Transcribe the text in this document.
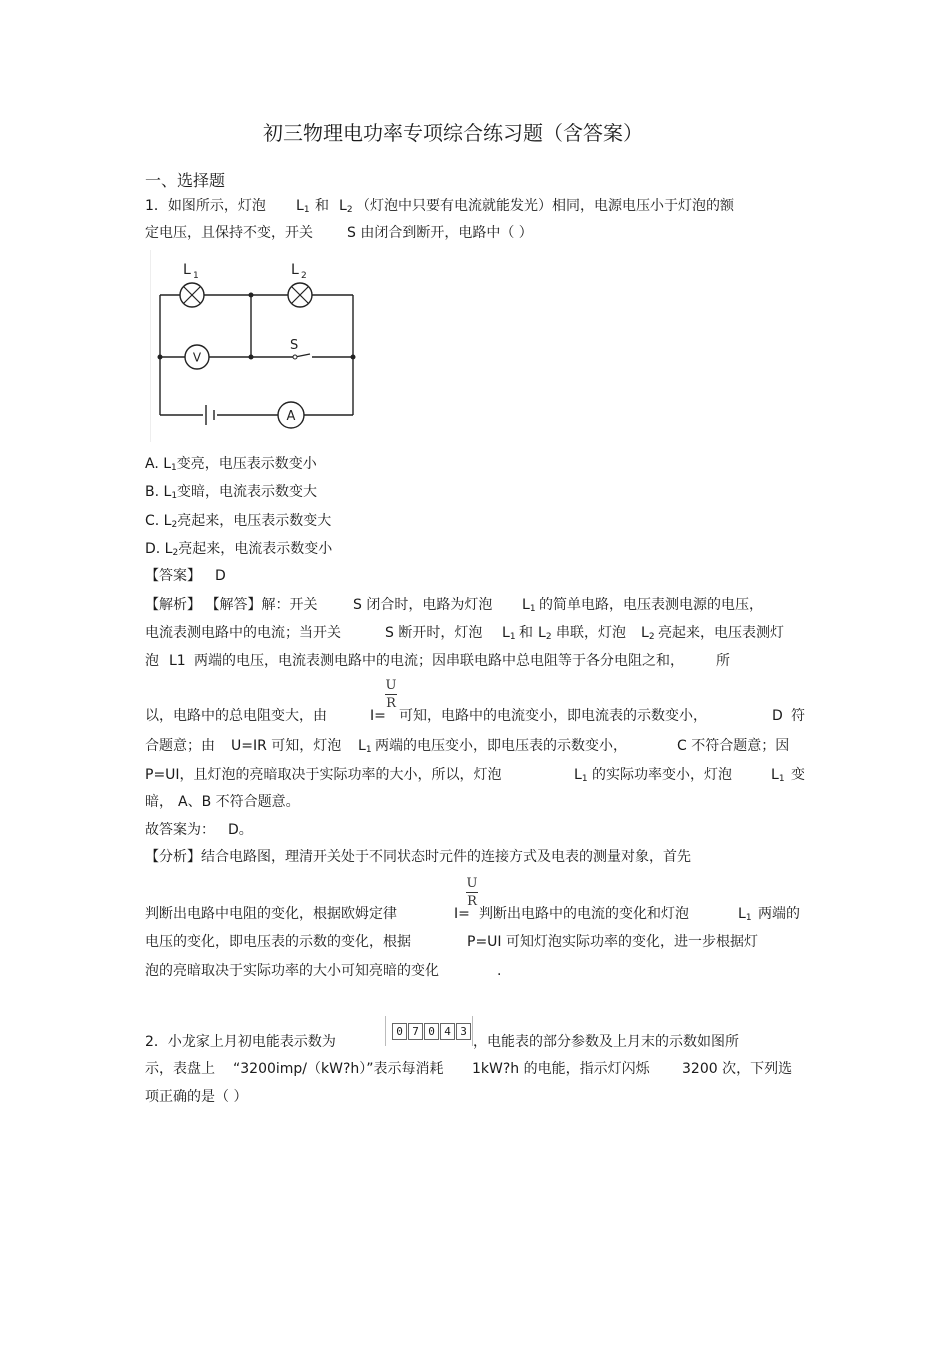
初三物理电功率专项综合练习题（含答案）
一、选择题
1．如图所示，灯泡 $L_1$ 和 $L_2$ （灯泡中只要有电流就能发光）相同，电源电压小于灯泡的额
定电压，且保持不变，开关 S 由闭合到断开，电路中（ ）
V
A
S
L 1	L 2
A. $L_1$变亮，电压表示数变小
B. $L_1$变暗，电流表示数变大
C. $L_2$亮起来，电压表示数变大
D. $L_2$亮起来，电流表示数变小
【答案】 D
【解析】 【解答】解：开关	S 闭合时，电路为灯泡 $L_1$ 的简单电路，电压表测电源的电压，
电流表测电路中的电流；当开关	S 断开时，灯泡 $L_1$ 和 $L_2$ 串联，灯泡 $L_2$ 亮起来，电压表测灯
泡 L1 两端的电压，电流表测电路中的电流；因串联电路中总电阻等于各分电阻之和， 所
U
R
以，电路中的总电阻变大，由	I= 可知，电路中的电流变小，即电流表的示数变小，	D 符
合题意；由 U=IR 可知，灯泡 $L_1$ 两端的电压变小，即电压表的示数变小，	C 不符合题意；因
P=UI，且灯泡的亮暗取决于实际功率的大小，所以，灯泡	$L_1$ 的实际功率变小，灯泡	$L_1$ 变
暗， A、B 不符合题意。
故答案为： D。
【分析】结合电路图，理清开关处于不同状态时元件的连接方式及电表的测量对象，首先
U
R
判断出电路中电阻的变化，根据欧姆定律	I= 判断出电路中的电流的变化和灯泡	$L_1$ 两端的
电压的变化，即电压表的示数的变化，根据	P=UI 可知灯泡实际功率的变化，进一步根据灯
泡的亮暗取决于实际功率的大小可知亮暗的变化	.
2．小龙家上月初电能表示数为
0 7 0 4 3
，电能表的部分参数及上月末的示数如图所
示，表盘上 “3200imp/（kW?h）”表示每消耗 1kW?h 的电能，指示灯闪烁 3200 次，下列选
项正确的是（ ）
